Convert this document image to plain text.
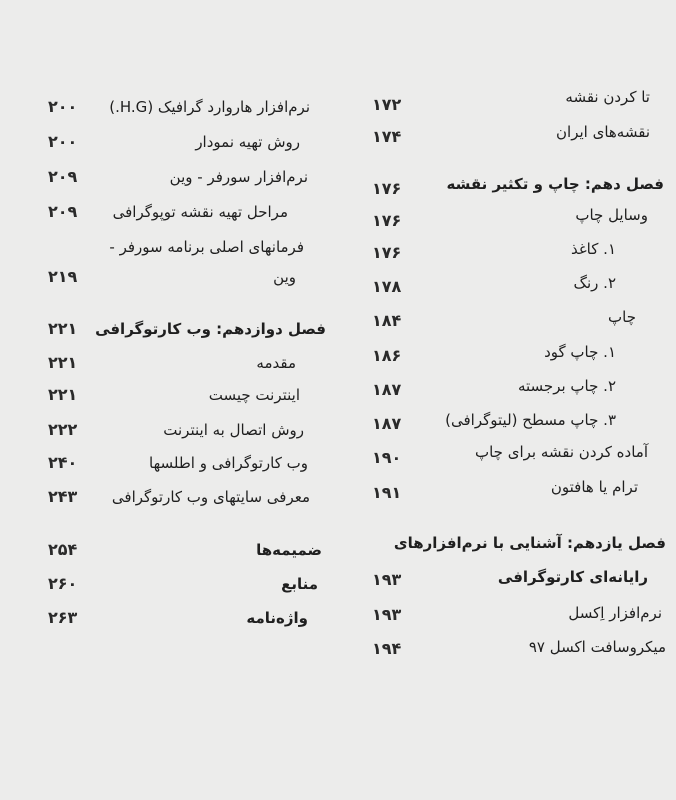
نرم‌افزار هاروارد گرافیک (H.G.)
۲۰۰
روش تهیه نمودار
۲۰۰
نرم‌افزار سورفر - وین
۲۰۹
مراحل تهیه نقشه توپوگرافی
۲۰۹
فرمانهای اصلی برنامه سورفر -
وین
۲۱۹
فصل دوازدهم: وب کارتوگرافی
۲۲۱
مقدمه
۲۲۱
اینترنت چیست
۲۲۱
روش اتصال به اینترنت
۲۲۲
وب کارتوگرافی و اطلسها
۲۴۰
معرفی سایتهای وب کارتوگرافی
۲۴۳
ضمیمه‌ها
۲۵۴
منابع
۲۶۰
واژه‌نامه
۲۶۳
تا کردن نقشه
۱۷۲
نقشه‌های ایران
۱۷۴
فصل دهم: چاپ و تکثیر نقشه
۱۷۶
وسایل چاپ
۱۷۶
۱. کاغذ
۱۷۶
۲. رنگ
۱۷۸
چاپ
۱۸۴
۱. چاپ گود
۱۸۶
۲. چاپ برجسته
۱۸۷
۳. چاپ مسطح (لیتوگرافی)
۱۸۷
آماده کردن نقشه برای چاپ
۱۹۰
ترام یا هافتون
۱۹۱
فصل یازدهم: آشنایی با نرم‌افزارهای
رایانه‌ای کارتوگرافی
۱۹۳
نرم‌افزار اِکسل
۱۹۳
میکروسافت اکسل ۹۷
۱۹۴
